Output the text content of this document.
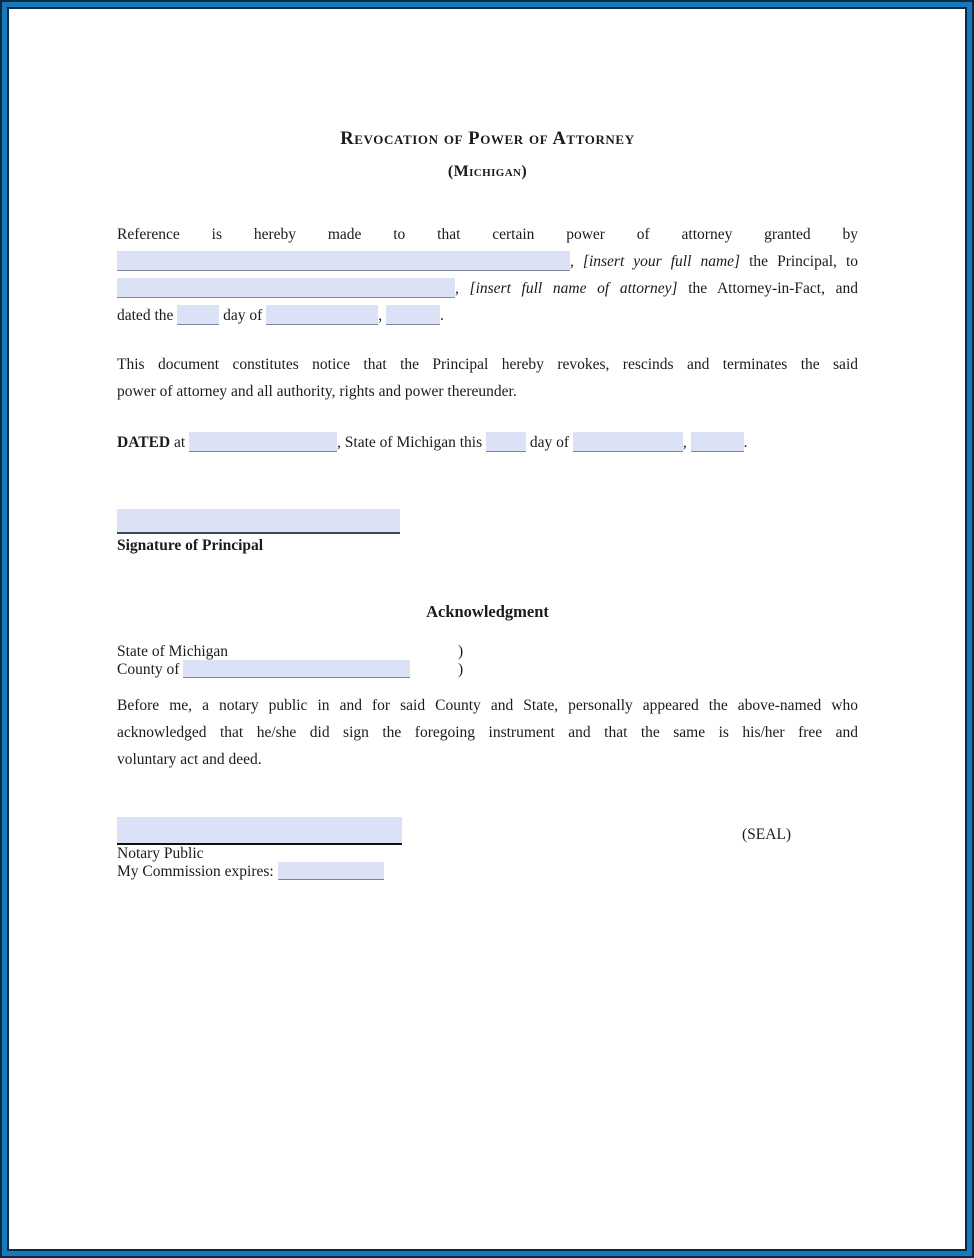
Revocation of Power of Attorney
(Michigan)
Reference is hereby made to that certain power of attorney granted by
, [insert your full name] the Principal, to
, [insert full name of attorney] the Attorney-in-Fact, and
dated the	day of	,	.
This document constitutes notice that the Principal hereby revokes, rescinds and terminates the said
power of attorney and all authority, rights and power thereunder.
DATED at	, State of Michigan this	day of	,	.
Signature of Principal
Acknowledgment
State of Michigan	)
County of	)
Before me, a notary public in and for said County and State, personally appeared the above-named who
acknowledged that he/she did sign the foregoing instrument and that the same is his/her free and
voluntary act and deed.
Notary Public
My Commission expires:
(SEAL)
